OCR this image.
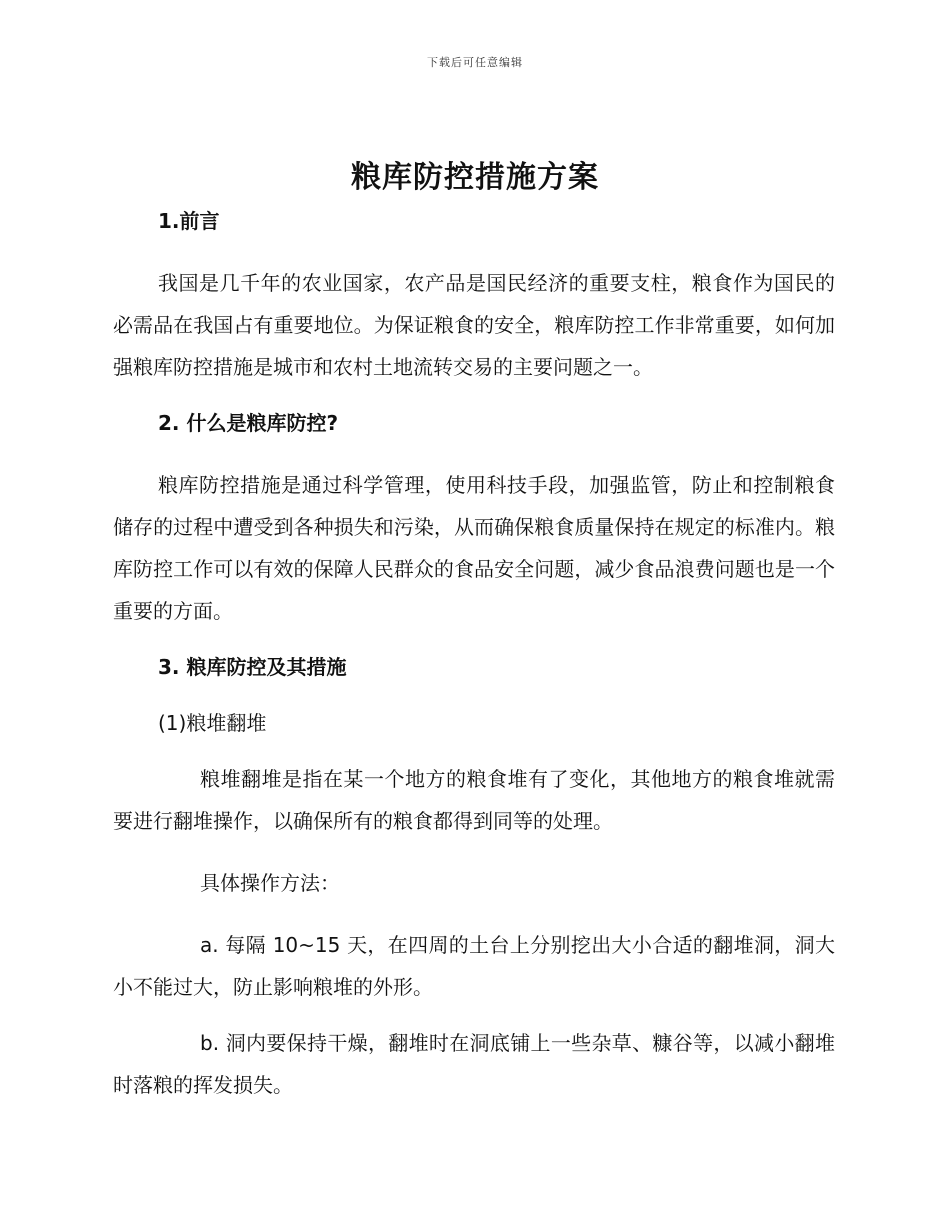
下载后可任意编辑
粮库防控措施方案

1.前言

我国是几千年的农业国家，农产品是国民经济的重要支柱，粮食作为国民的必需品在我国占有重要地位。为保证粮食的安全，粮库防控工作非常重要，如何加强粮库防控措施是城市和农村土地流转交易的主要问题之一。

2. 什么是粮库防控?

粮库防控措施是通过科学管理，使用科技手段，加强监管，防止和控制粮食储存的过程中遭受到各种损失和污染，从而确保粮食质量保持在规定的标准内。粮库防控工作可以有效的保障人民群众的食品安全问题，减少食品浪费问题也是一个重要的方面。

3. 粮库防控及其措施

(1)粮堆翻堆

粮堆翻堆是指在某一个地方的粮食堆有了变化，其他地方的粮食堆就需要进行翻堆操作，以确保所有的粮食都得到同等的处理。

具体操作方法：

a. 每隔 10~15 天，在四周的土台上分别挖出大小合适的翻堆洞，洞大小不能过大，防止影响粮堆的外形。

b. 洞内要保持干燥，翻堆时在洞底铺上一些杂草、糠谷等，以减小翻堆时落粮的挥发损失。
